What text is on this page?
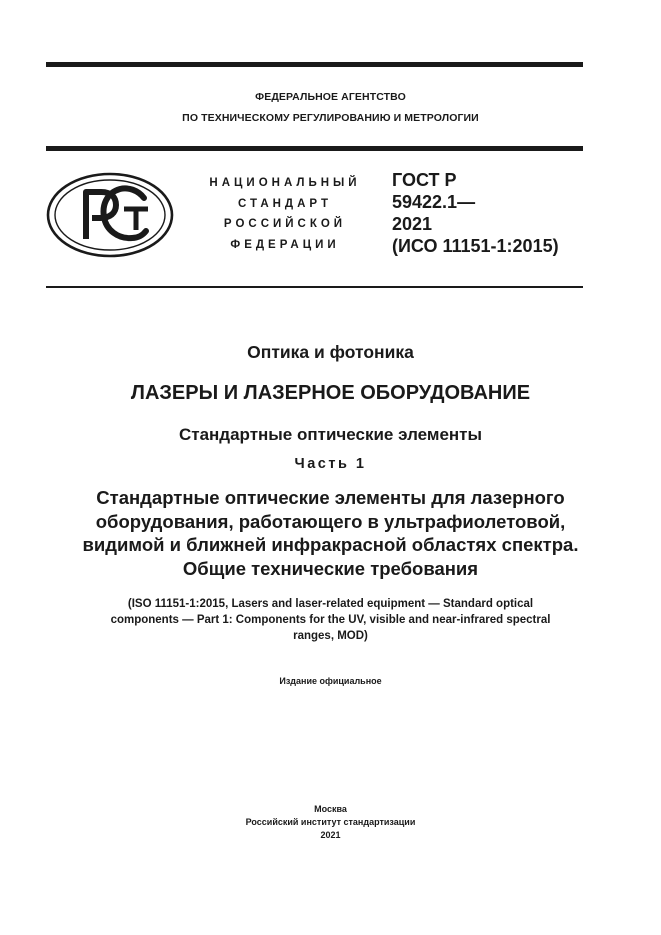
ФЕДЕРАЛЬНОЕ АГЕНТСТВО
ПО ТЕХНИЧЕСКОМУ РЕГУЛИРОВАНИЮ И МЕТРОЛОГИИ
НАЦИОНАЛЬНЫЙ
СТАНДАРТ
РОССИЙСКОЙ
ФЕДЕРАЦИИ
ГОСТ Р
59422.1—
2021
(ИСО 11151-1:2015)
Оптика и фотоника
ЛАЗЕРЫ И ЛАЗЕРНОЕ ОБОРУДОВАНИЕ
Стандартные оптические элементы
Часть 1
Стандартные оптические элементы для лазерного
оборудования, работающего в ультрафиолетовой,
видимой и ближней инфракрасной областях спектра.
Общие технические требования
(ISO 11151-1:2015, Lasers and laser-related equipment — Standard optical
components — Part 1: Components for the UV, visible and near-infrared spectral
ranges, MOD)
Издание официальное
Москва
Российский институт стандартизации
2021
